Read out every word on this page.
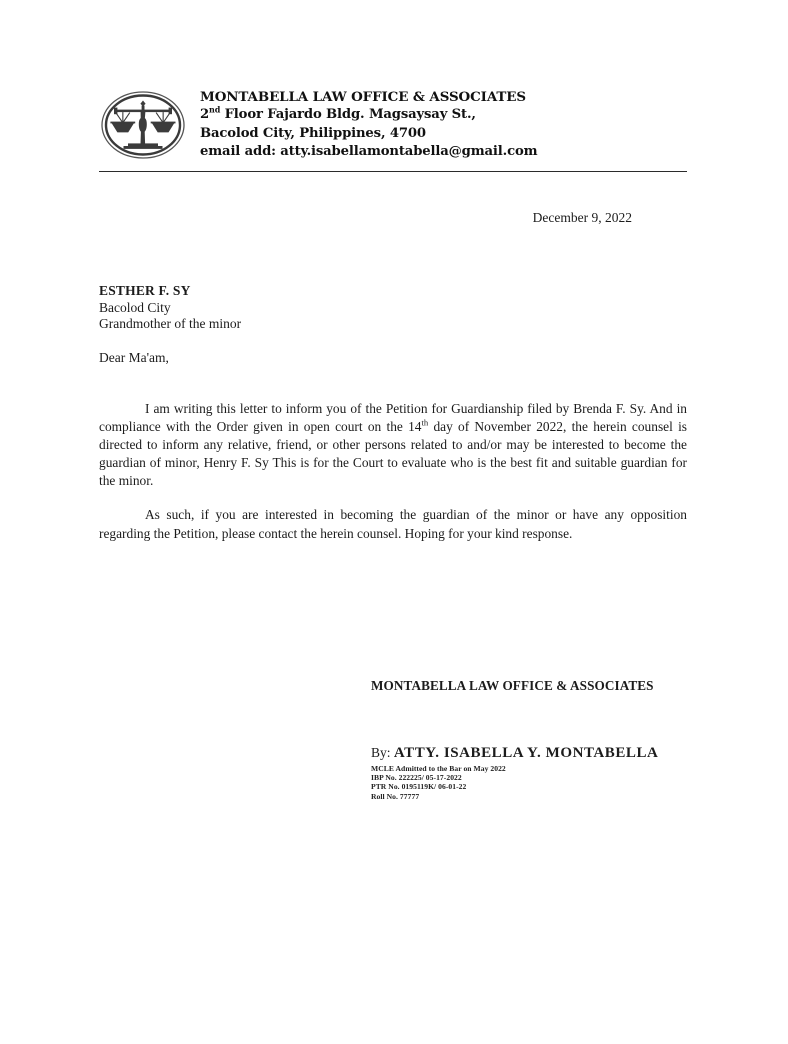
MONTABELLA LAW OFFICE & ASSOCIATES
2nd Floor Fajardo Bldg. Magsaysay St.,
Bacolod City, Philippines, 4700
email add: atty.isabellamontabella@gmail.com
December 9, 2022
ESTHER F. SY
Bacolod City
Grandmother of the minor
Dear Ma'am,

I am writing this letter to inform you of the Petition for Guardianship filed by Brenda F. Sy. And in compliance with the Order given in open court on the 14th day of November 2022, the herein counsel is directed to inform any relative, friend, or other persons related to and/or may be interested to become the guardian of minor, Henry F. Sy This is for the Court to evaluate who is the best fit and suitable guardian for the minor.

As such, if you are interested in becoming the guardian of the minor or have any opposition regarding the Petition, please contact the herein counsel. Hoping for your kind response.

MONTABELLA LAW OFFICE & ASSOCIATES
By: ATTY. ISABELLA Y. MONTABELLA
MCLE Admitted to the Bar on May 2022
IBP No. 222225/ 05-17-2022
PTR No. 0195119K/ 06-01-22
Roll No. 77777
